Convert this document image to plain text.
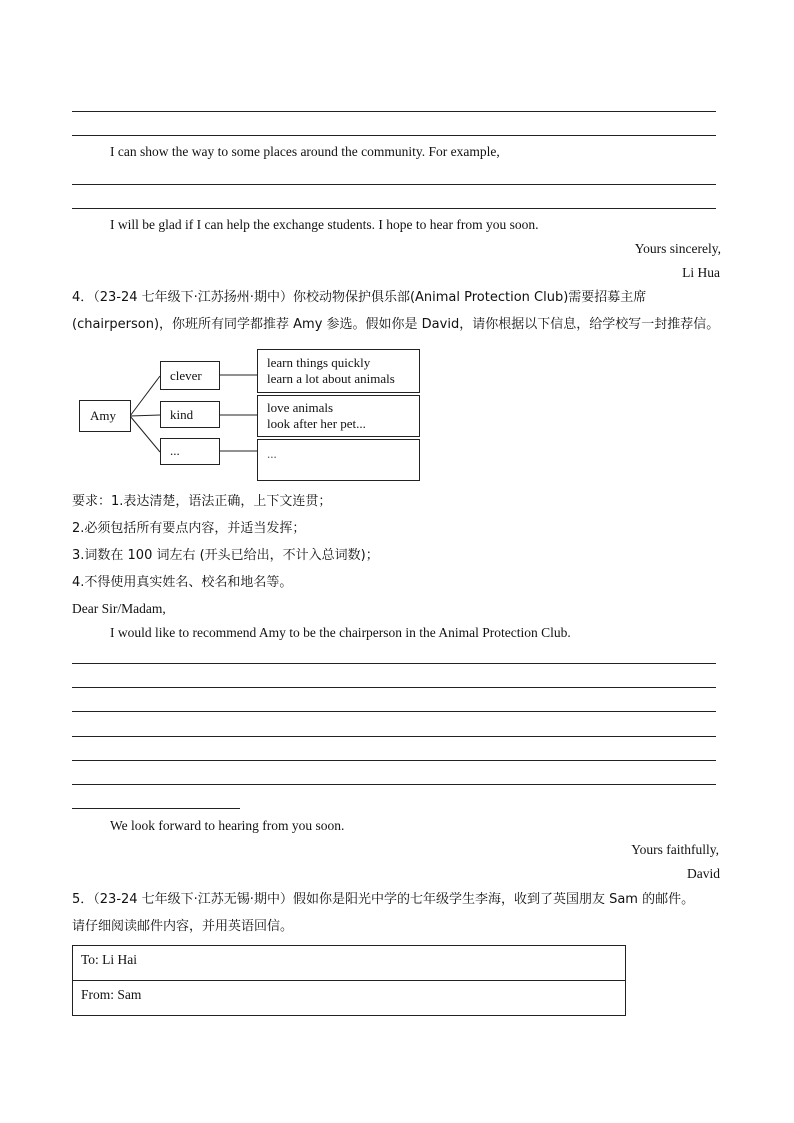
I can show the way to some places around the community. For example,
I will be glad if I can help the exchange students. I hope to hear from you soon.
Yours sincerely,
Li Hua
4．（23-24 七年级下·江苏扬州·期中）你校动物保护俱乐部(Animal Protection Club)需要招募主席
(chairperson)，你班所有同学都推荐 Amy 参选。假如你是 David，请你根据以下信息，给学校写一封推荐信。
Amy
clever
kind
...
learn things quickly
learn a lot about animals
love animals
look after her pet...
...
要求：1.表达清楚，语法正确，上下文连贯；
2.必须包括所有要点内容，并适当发挥；
3.词数在 100 词左右 (开头已给出，不计入总词数)；
4.不得使用真实姓名、校名和地名等。
Dear Sir/Madam,
I would like to recommend Amy to be the chairperson in the Animal Protection Club.
We look forward to hearing from you soon.
Yours faithfully,
David
5．（23-24 七年级下·江苏无锡·期中）假如你是阳光中学的七年级学生李海，收到了英国朋友 Sam 的邮件。
请仔细阅读邮件内容，并用英语回信。
To: Li Hai
From: Sam
